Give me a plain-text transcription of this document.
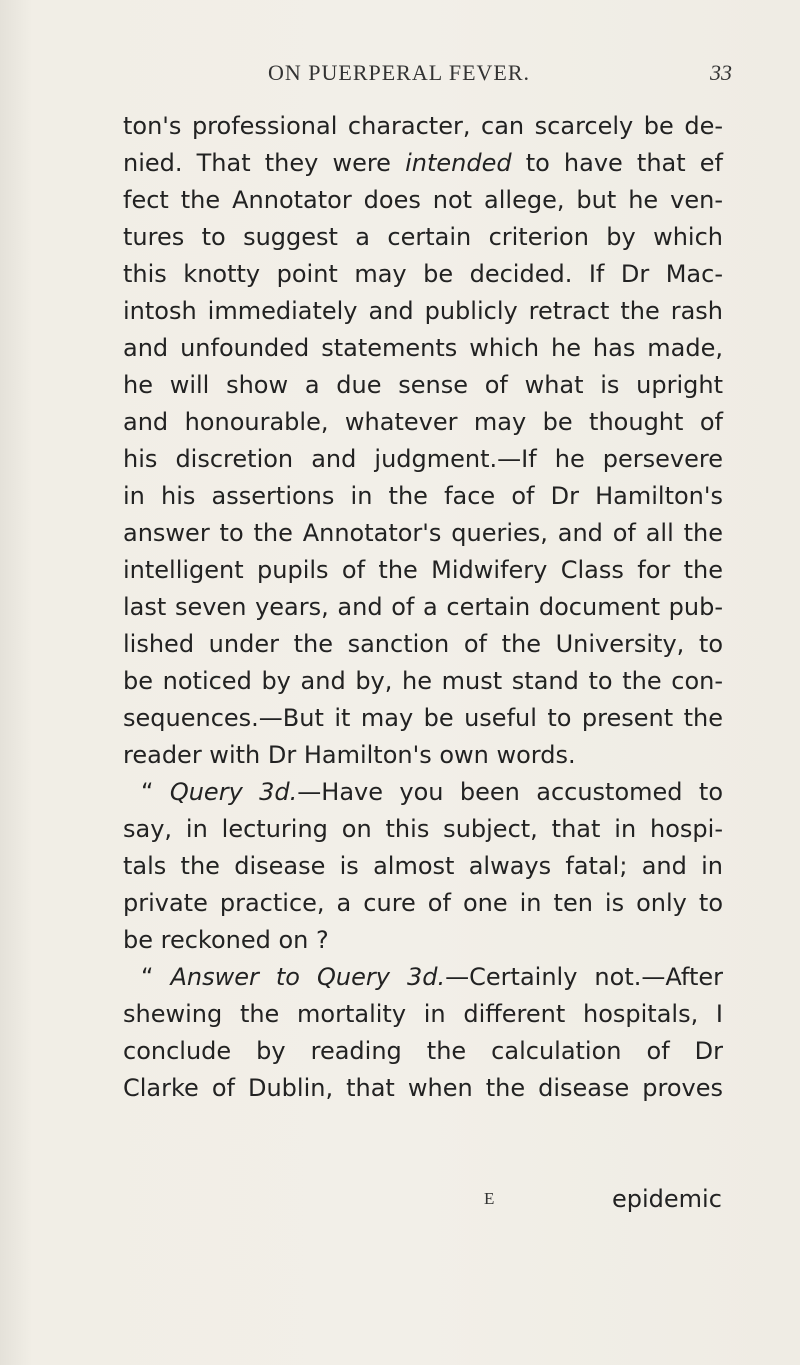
ON PUERPERAL FEVER.	33
ton's professional character, can scarcely be de-
nied. That they were intended to have that ef
fect the Annotator does not allege, but he ven-
tures to suggest a certain criterion by which
this knotty point may be decided. If Dr Mac-
intosh immediately and publicly retract the rash
and unfounded statements which he has made,
he will show a due sense of what is upright
and honourable, whatever may be thought of
his discretion and judgment.—If he persevere
in his assertions in the face of Dr Hamilton's
answer to the Annotator's queries, and of all the
intelligent pupils of the Midwifery Class for the
last seven years, and of a certain document pub-
lished under the sanction of the University, to
be noticed by and by, he must stand to the con-
sequences.—But it may be useful to present the
reader with Dr Hamilton's own words.
“ Query 3d.—Have you been accustomed to
say, in lecturing on this subject, that in hospi-
tals the disease is almost always fatal; and in
private practice, a cure of one in ten is only to
be reckoned on ?
“ Answer to Query 3d.—Certainly not.—After
shewing the mortality in different hospitals, I
conclude by reading the calculation of Dr
Clarke of Dublin, that when the disease proves
E	epidemic
